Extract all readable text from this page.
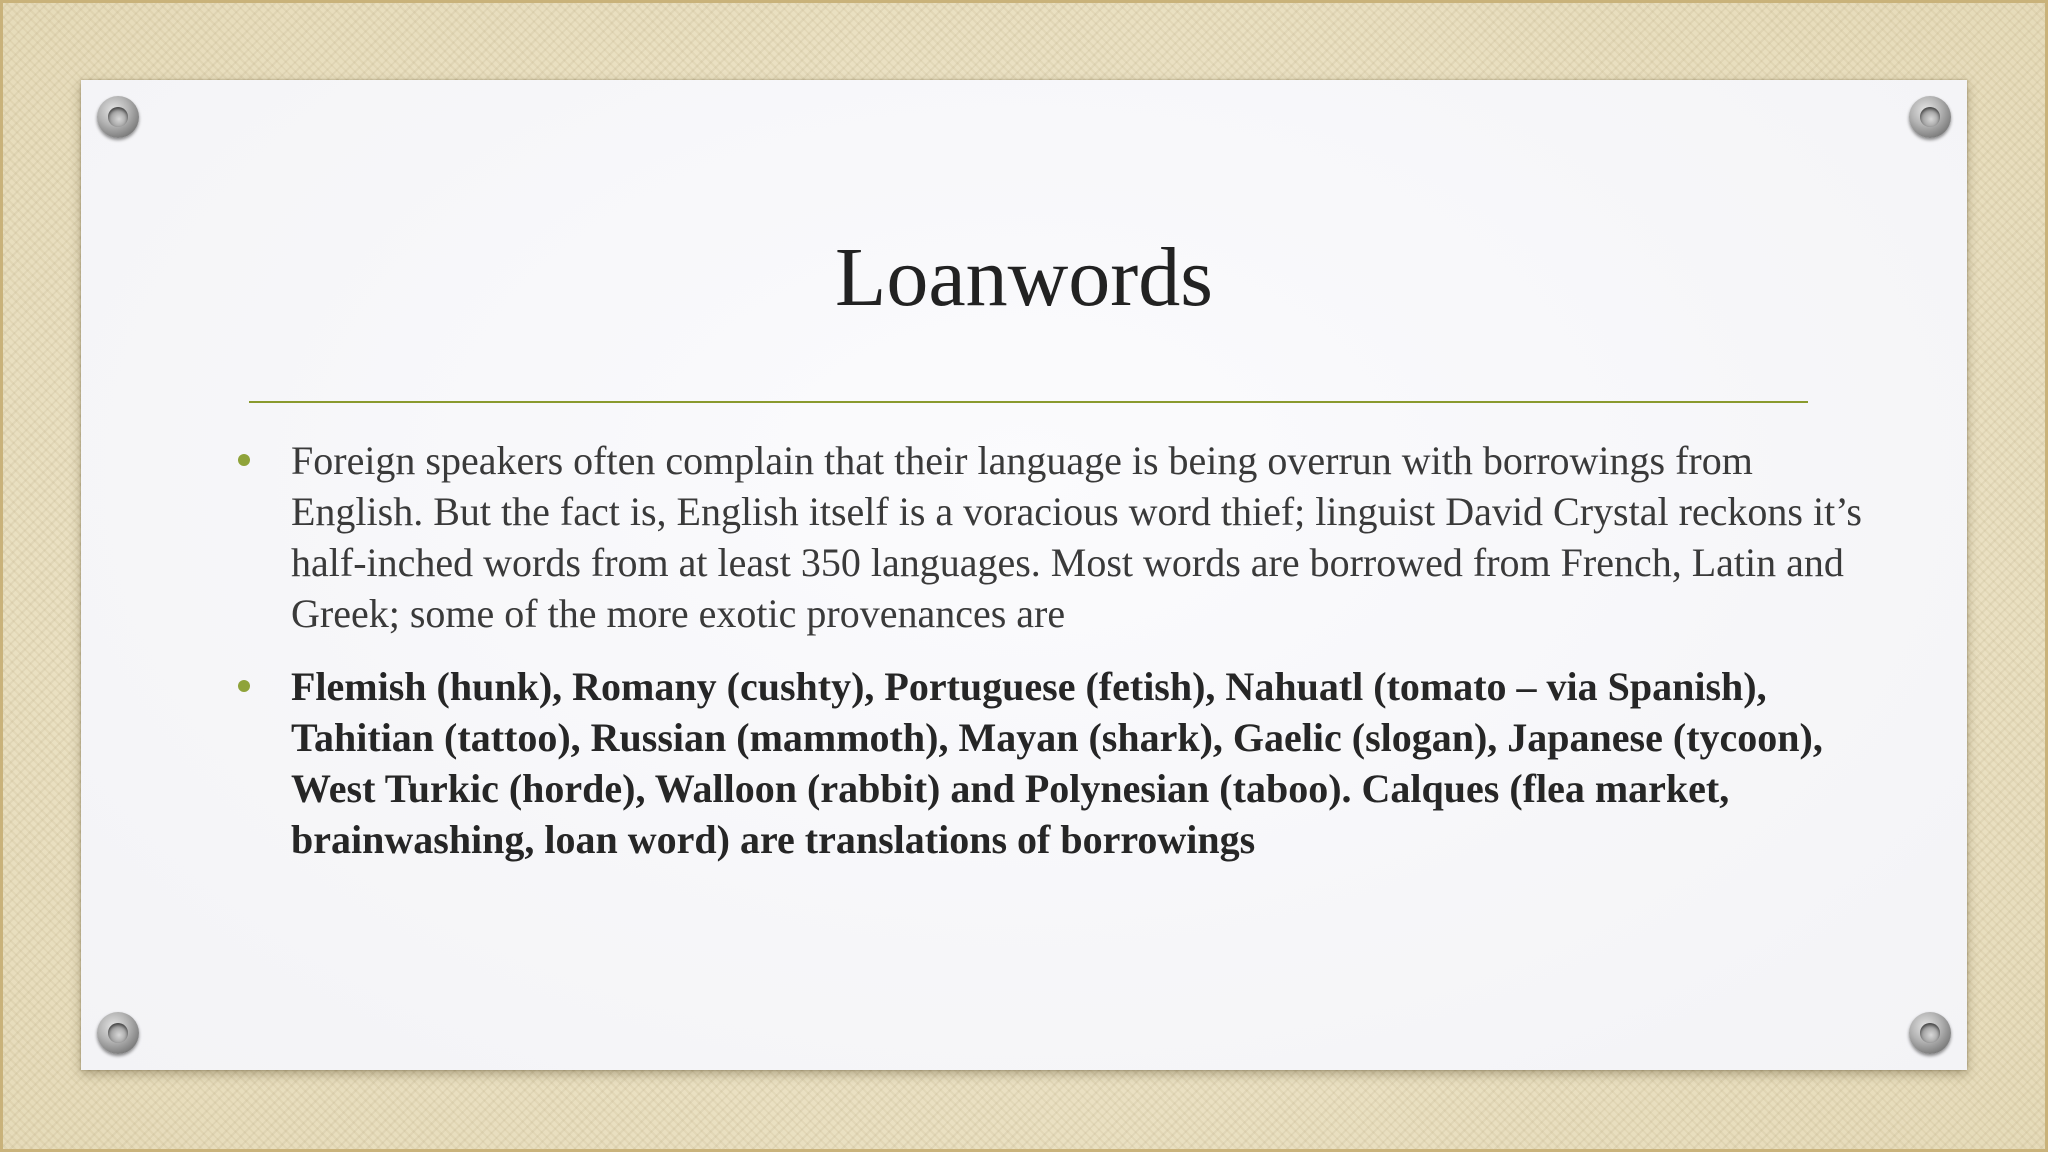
Loanwords
Foreign speakers often complain that their language is being overrun with borrowings from English. But the fact is, English itself is a voracious word thief; linguist David Crystal reckons it’s half-inched words from at least 350 languages. Most words are borrowed from French, Latin and Greek; some of the more exotic provenances are
Flemish (hunk), Romany (cushty), Portuguese (fetish), Nahuatl (tomato – via Spanish), Tahitian (tattoo), Russian (mammoth), Mayan (shark), Gaelic (slogan), Japanese (tycoon), West Turkic (horde), Walloon (rabbit) and Polynesian (taboo). Calques (flea market, brainwashing, loan word) are translations of borrowings
